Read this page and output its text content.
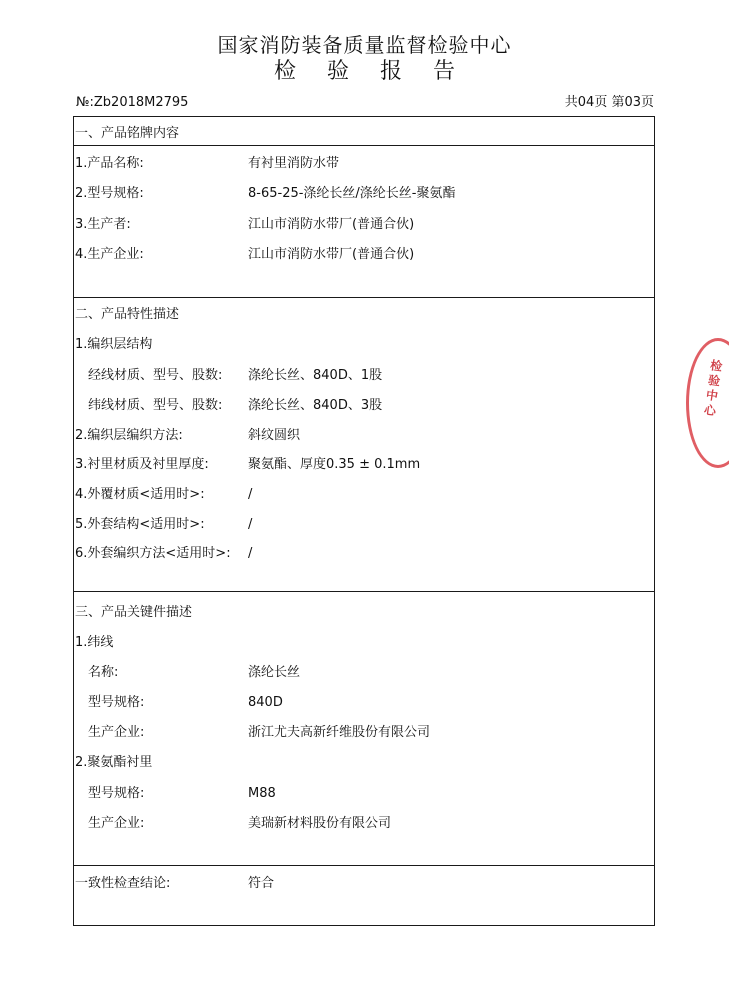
国家消防装备质量监督检验中心
检 验 报 告
№:Zb2018M2795	共04页 第03页
一、产品铭牌内容
1.产品名称:	有衬里消防水带
2.型号规格:	8-65-25-涤纶长丝/涤纶长丝-聚氨酯
3.生产者:	江山市消防水带厂(普通合伙)
4.生产企业:	江山市消防水带厂(普通合伙)
二、产品特性描述
1.编织层结构
经线材质、型号、股数: 涤纶长丝、840D、1股
纬线材质、型号、股数: 涤纶长丝、840D、3股
2.编织层编织方法:	斜纹圆织
3.衬里材质及衬里厚度:	聚氨酯、厚度0.35 ± 0.1mm
4.外覆材质<适用时>:	/
5.外套结构<适用时>:	/
6.外套编织方法<适用时>: /
三、产品关键件描述
1.纬线
名称:	涤纶长丝
型号规格:	840D
生产企业:	浙江尤夫高新纤维股份有限公司
2.聚氨酯衬里
型号规格:	M88
生产企业:	美瑞新材料股份有限公司
一致性检查结论:	符合
检验中心
